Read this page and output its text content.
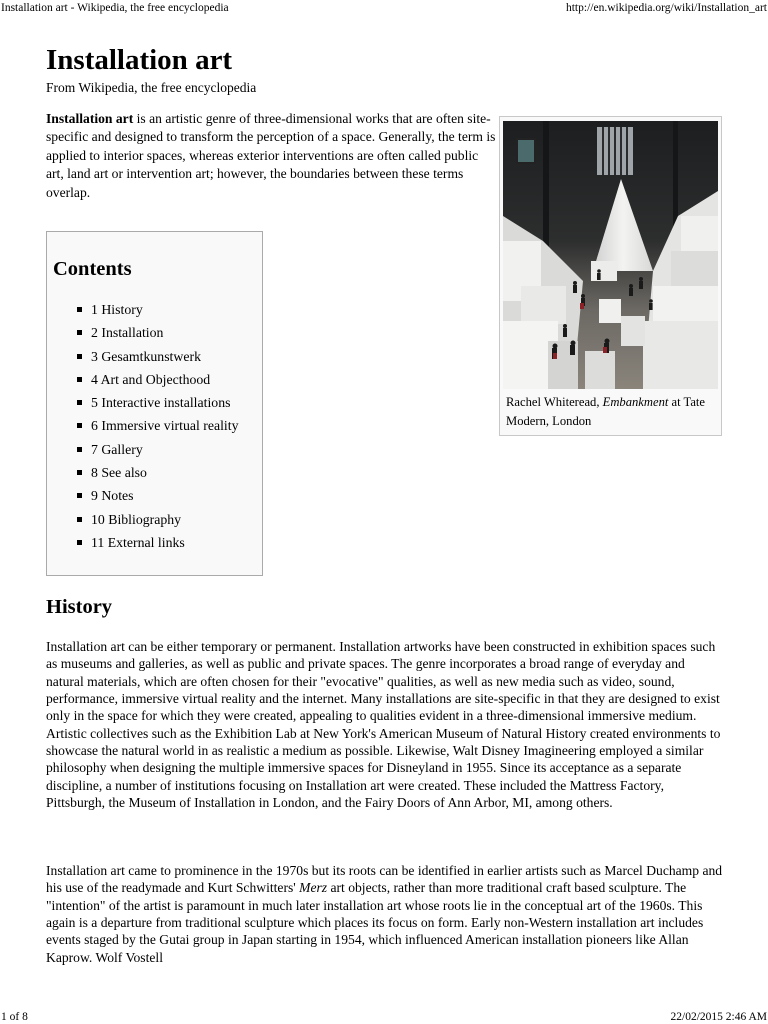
Installation art - Wikipedia, the free encyclopedia	http://en.wikipedia.org/wiki/Installation_art
Installation art
From Wikipedia, the free encyclopedia

Installation art is an artistic genre of three-dimensional works that are often site-specific and designed to transform the perception of a space. Generally, the term is applied to interior spaces, whereas exterior interventions are often called public art, land art or intervention art; however, the boundaries between these terms overlap.

Rachel Whiteread, Embankment at Tate Modern, London
Contents
1 History
2 Installation
3 Gesamtkunstwerk
4 Art and Objecthood
5 Interactive installations
6 Immersive virtual reality
7 Gallery
8 See also
9 Notes
10 Bibliography
11 External links
History

Installation art can be either temporary or permanent. Installation artworks have been constructed in exhibition spaces such as museums and galleries, as well as public and private spaces. The genre incorporates a broad range of everyday and natural materials, which are often chosen for their "evocative" qualities, as well as new media such as video, sound, performance, immersive virtual reality and the internet. Many installations are site-specific in that they are designed to exist only in the space for which they were created, appealing to qualities evident in a three-dimensional immersive medium. Artistic collectives such as the Exhibition Lab at New York's American Museum of Natural History created environments to showcase the natural world in as realistic a medium as possible. Likewise, Walt Disney Imagineering employed a similar philosophy when designing the multiple immersive spaces for Disneyland in 1955. Since its acceptance as a separate discipline, a number of institutions focusing on Installation art were created. These included the Mattress Factory, Pittsburgh, the Museum of Installation in London, and the Fairy Doors of Ann Arbor, MI, among others.

Installation art came to prominence in the 1970s but its roots can be identified in earlier artists such as Marcel Duchamp and his use of the readymade and Kurt Schwitters' Merz art objects, rather than more traditional craft based sculpture. The "intention" of the artist is paramount in much later installation art whose roots lie in the conceptual art of the 1960s. This again is a departure from traditional sculpture which places its focus on form. Early non-Western installation art includes events staged by the Gutai group in Japan starting in 1954, which influenced American installation pioneers like Allan Kaprow. Wolf Vostell

1 of 8	22/02/2015 2:46 AM
